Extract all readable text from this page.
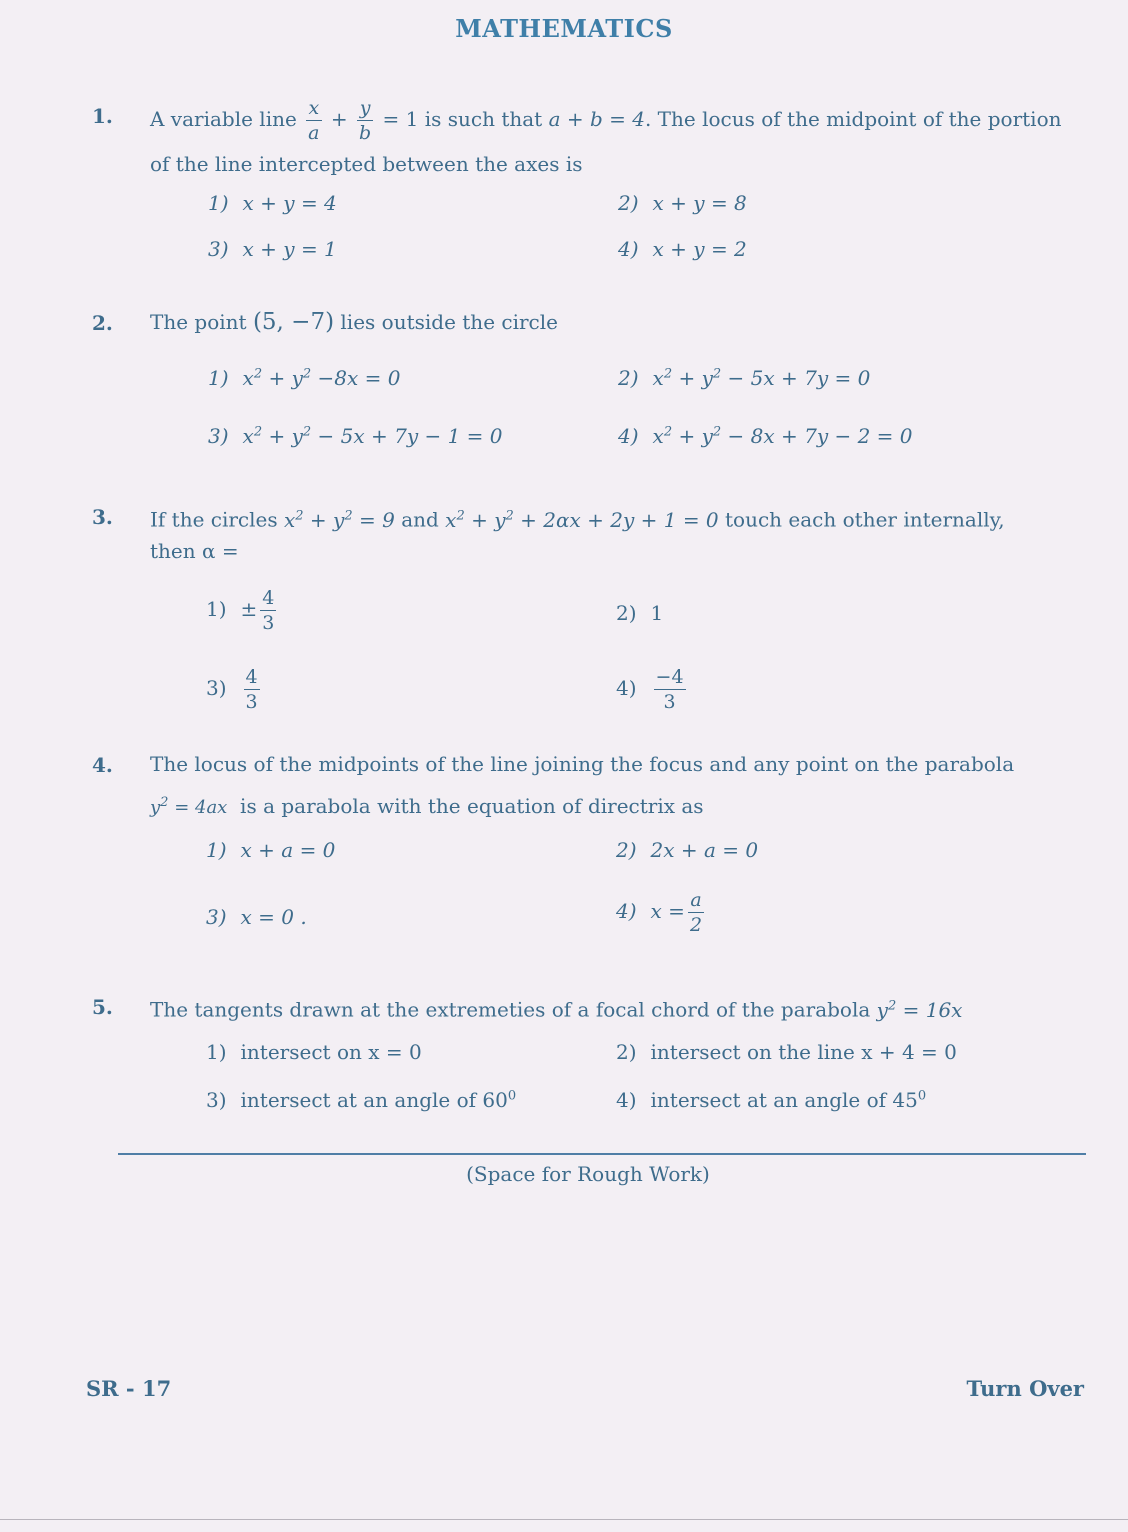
MATHEMATICS
1. A variable line $\frac{x}{a} + \frac{y}{b} = 1$ is such that a + b = 4. The locus of the midpoint of the portion
of the line intercepted between the axes is
1) x + y = 4	2) x + y = 8
3) x + y = 1	4) x + y = 2
2. The point (5, −7) lies outside the circle
1) $x^2 + y^2 -8x = 0$	2) $x^2 + y^2 - 5x + 7y = 0$
3) $x^2 + y^2 - 5x + 7y - 1 = 0$	4) $x^2 + y^2 - 8x + 7y - 2 = 0$
3. If the circles $x^2 + y^2 = 9$ and $x^2 + y^2 + 2\alpha x + 2y + 1 = 0$ touch each other internally,
then α =
$1) \pm \frac{4}{3}$	2) 1
$3) \frac{4}{3}$	$4) \frac{-4}{3}$
4. The locus of the midpoints of the line joining the focus and any point on the parabola
$y^2 = 4ax$ is a parabola with the equation of directrix as
1) x + a = 0	2) 2x + a = 0
3) x = 0 .	4) $x = \frac{a}{2}$
5. The tangents drawn at the extremeties of a focal chord of the parabola $y^2 = 16x$
1) intersect on x = 0	2) intersect on the line x + 4 = 0
3) intersect at an angle of $60^0$	4) intersect at an angle of $45^0$
(Space for Rough Work)
SR - 17	Turn Over
